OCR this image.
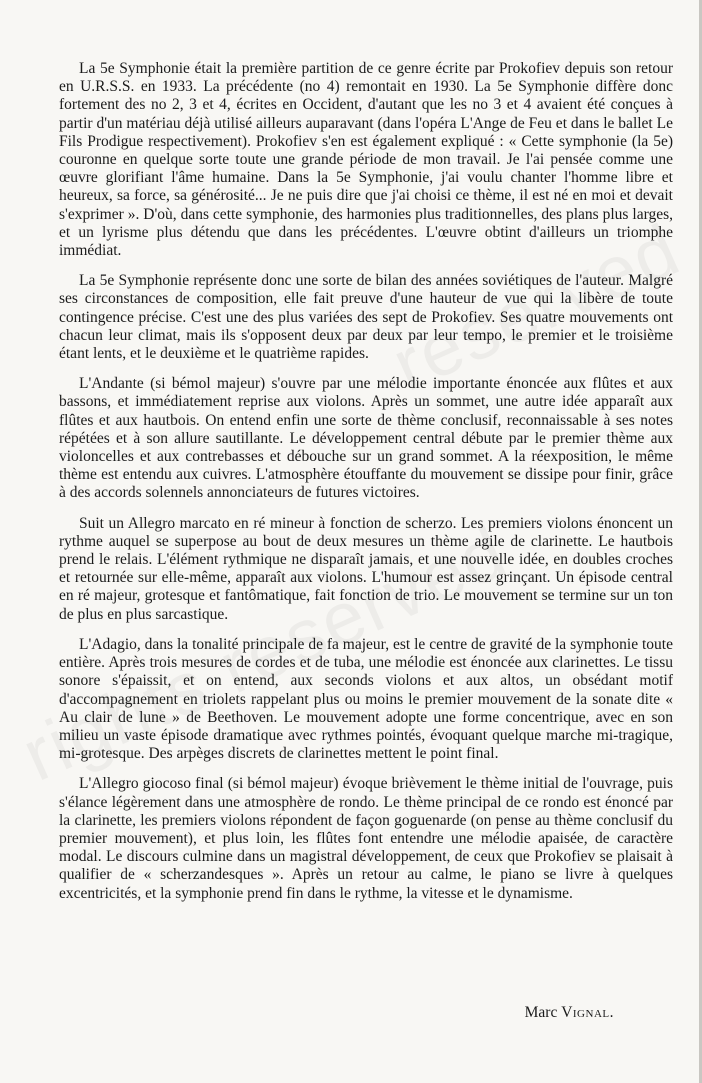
La 5e Symphonie était la première partition de ce genre écrite par Prokofiev depuis son retour en U.R.S.S. en 1933. La précédente (no 4) remontait en 1930. La 5e Symphonie diffère donc fortement des no 2, 3 et 4, écrites en Occident, d'autant que les no 3 et 4 avaient été conçues à partir d'un matériau déjà utilisé ailleurs auparavant (dans l'opéra L'Ange de Feu et dans le ballet Le Fils Prodigue respectivement). Prokofiev s'en est également expliqué : « Cette symphonie (la 5e) couronne en quelque sorte toute une grande période de mon travail. Je l'ai pensée comme une œuvre glorifiant l'âme humaine. Dans la 5e Symphonie, j'ai voulu chanter l'homme libre et heureux, sa force, sa générosité... Je ne puis dire que j'ai choisi ce thème, il est né en moi et devait s'exprimer ». D'où, dans cette symphonie, des harmonies plus traditionnelles, des plans plus larges, et un lyrisme plus détendu que dans les précédentes. L'œuvre obtint d'ailleurs un triomphe immédiat.

La 5e Symphonie représente donc une sorte de bilan des années soviétiques de l'auteur. Malgré ses circonstances de composition, elle fait preuve d'une hauteur de vue qui la libère de toute contingence précise. C'est une des plus variées des sept de Prokofiev. Ses quatre mouvements ont chacun leur climat, mais ils s'opposent deux par deux par leur tempo, le premier et le troisième étant lents, et le deuxième et le quatrième rapides.

L'Andante (si bémol majeur) s'ouvre par une mélodie importante énoncée aux flûtes et aux bassons, et immédiatement reprise aux violons. Après un sommet, une autre idée apparaît aux flûtes et aux hautbois. On entend enfin une sorte de thème conclusif, reconnaissable à ses notes répétées et à son allure sautillante. Le développement central débute par le premier thème aux violoncelles et aux contrebasses et débouche sur un grand sommet. A la réexposition, le même thème est entendu aux cuivres. L'atmosphère étouffante du mouvement se dissipe pour finir, grâce à des accords solennels annonciateurs de futures victoires.

Suit un Allegro marcato en ré mineur à fonction de scherzo. Les premiers violons énoncent un rythme auquel se superpose au bout de deux mesures un thème agile de clarinette. Le hautbois prend le relais. L'élément rythmique ne disparaît jamais, et une nouvelle idée, en doubles croches et retournée sur elle-même, apparaît aux violons. L'humour est assez grinçant. Un épisode central en ré majeur, grotesque et fantômatique, fait fonction de trio. Le mouvement se termine sur un ton de plus en plus sarcastique.

L'Adagio, dans la tonalité principale de fa majeur, est le centre de gravité de la symphonie toute entière. Après trois mesures de cordes et de tuba, une mélodie est énoncée aux clarinettes. Le tissu sonore s'épaissit, et on entend, aux seconds violons et aux altos, un obsédant motif d'accompagnement en triolets rappelant plus ou moins le premier mouvement de la sonate dite « Au clair de lune » de Beethoven. Le mouvement adopte une forme concentrique, avec en son milieu un vaste épisode dramatique avec rythmes pointés, évoquant quelque marche mi-tragique, mi-grotesque. Des arpèges discrets de clarinettes mettent le point final.

L'Allegro giocoso final (si bémol majeur) évoque brièvement le thème initial de l'ouvrage, puis s'élance légèrement dans une atmosphère de rondo. Le thème principal de ce rondo est énoncé par la clarinette, les premiers violons répondent de façon goguenarde (on pense au thème conclusif du premier mouvement), et plus loin, les flûtes font entendre une mélodie apaisée, de caractère modal. Le discours culmine dans un magistral développement, de ceux que Prokofiev se plaisait à qualifier de « scherzandesques ». Après un retour au calme, le piano se livre à quelques excentricités, et la symphonie prend fin dans le rythme, la vitesse et le dynamisme.

Marc Vignal.
